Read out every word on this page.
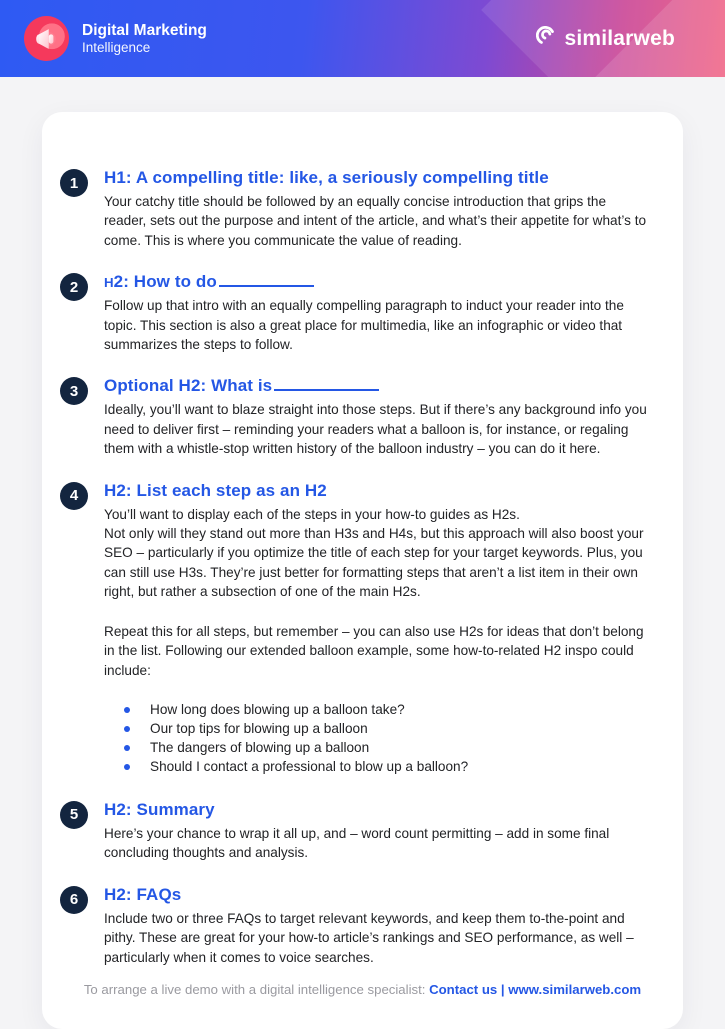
Digital Marketing
Intelligence	similarweb
1	H1: A compelling title: like, a seriously compelling title

Your catchy title should be followed by an equally concise introduction that grips the reader, sets out the purpose and intent of the article, and what’s their appetite for what’s to come. This is where you communicate the value of reading.

2	H2: How to do

Follow up that intro with an equally compelling paragraph to induct your reader into the topic. This section is also a great place for multimedia, like an infographic or video that summarizes the steps to follow.

3	Optional H2: What is

Ideally, you’ll want to blaze straight into those steps. But if there’s any background info you need to deliver first – reminding your readers what a balloon is, for instance, or regaling them with a whistle-stop written history of the balloon industry – you can do it here.

4	H2: List each step as an H2

You’ll want to display each of the steps in your how-to guides as H2s.

Not only will they stand out more than H3s and H4s, but this approach will also boost your SEO – particularly if you optimize the title of each step for your target keywords. Plus, you can still use H3s. They’re just better for formatting steps that aren’t a list item in their own right, but rather a subsection of one of the main H2s.

Repeat this for all steps, but remember – you can also use H2s for ideas that don’t belong in the list. Following our extended balloon example, some how-to-related H2 inspo could include:

How long does blowing up a balloon take?
Our top tips for blowing up a balloon
The dangers of blowing up a balloon
Should I contact a professional to blow up a balloon?
5	H2: Summary

Here’s your chance to wrap it all up, and – word count permitting – add in some final concluding thoughts and analysis.

6	H2: FAQs

Include two or three FAQs to target relevant keywords, and keep them to-the-point and pithy. These are great for your how-to article’s rankings and SEO performance, as well – particularly when it comes to voice searches.

To arrange a live demo with a digital intelligence specialist: Contact us | www.similarweb.com
